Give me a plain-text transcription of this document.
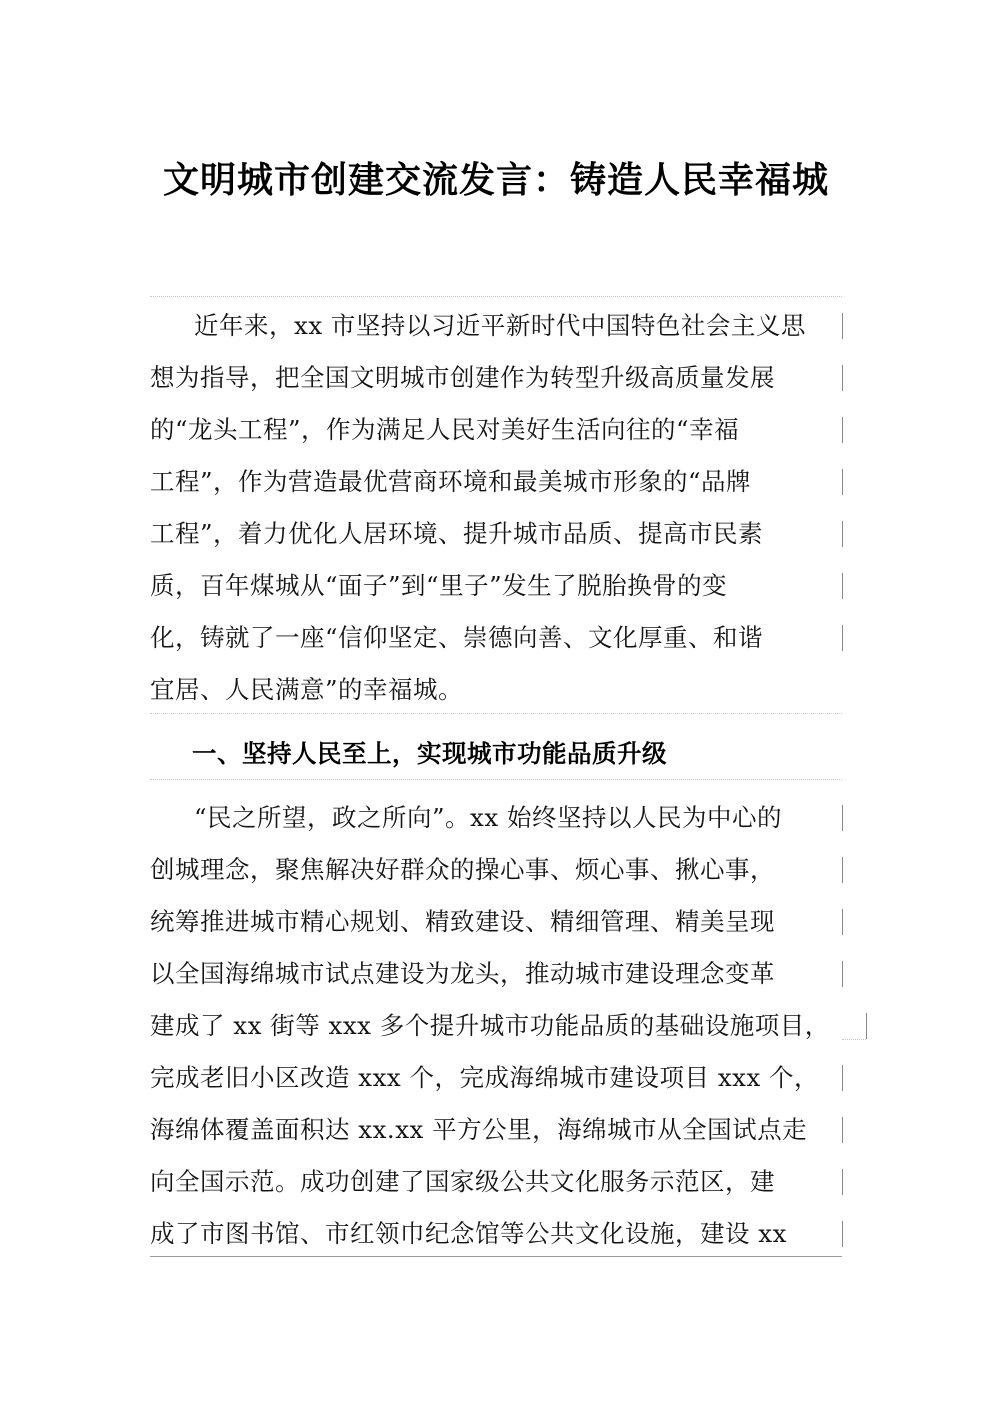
文明城市创建交流发言：铸造人民幸福城
近年来，xx 市坚持以习近平新时代中国特色社会主义思
想为指导，把全国文明城市创建作为转型升级高质量发展
的“龙头工程”，作为满足人民对美好生活向往的“幸福
工程”，作为营造最优营商环境和最美城市形象的“品牌
工程”，着力优化人居环境、提升城市品质、提高市民素
质，百年煤城从“面子”到“里子”发生了脱胎换骨的变
化，铸就了一座“信仰坚定、崇德向善、文化厚重、和谐
宜居、人民满意”的幸福城。
一、坚持人民至上，实现城市功能品质升级
“民之所望，政之所向”。xx 始终坚持以人民为中心的
创城理念，聚焦解决好群众的操心事、烦心事、揪心事，
统筹推进城市精心规划、精致建设、精细管理、精美呈现
以全国海绵城市试点建设为龙头，推动城市建设理念变革
建成了 xx 街等 xxx 多个提升城市功能品质的基础设施项目，
完成老旧小区改造 xxx 个，完成海绵城市建设项目 xxx 个，
海绵体覆盖面积达 xx.xx 平方公里，海绵城市从全国试点走
向全国示范。成功创建了国家级公共文化服务示范区，建
成了市图书馆、市红领巾纪念馆等公共文化设施，建设 xx
